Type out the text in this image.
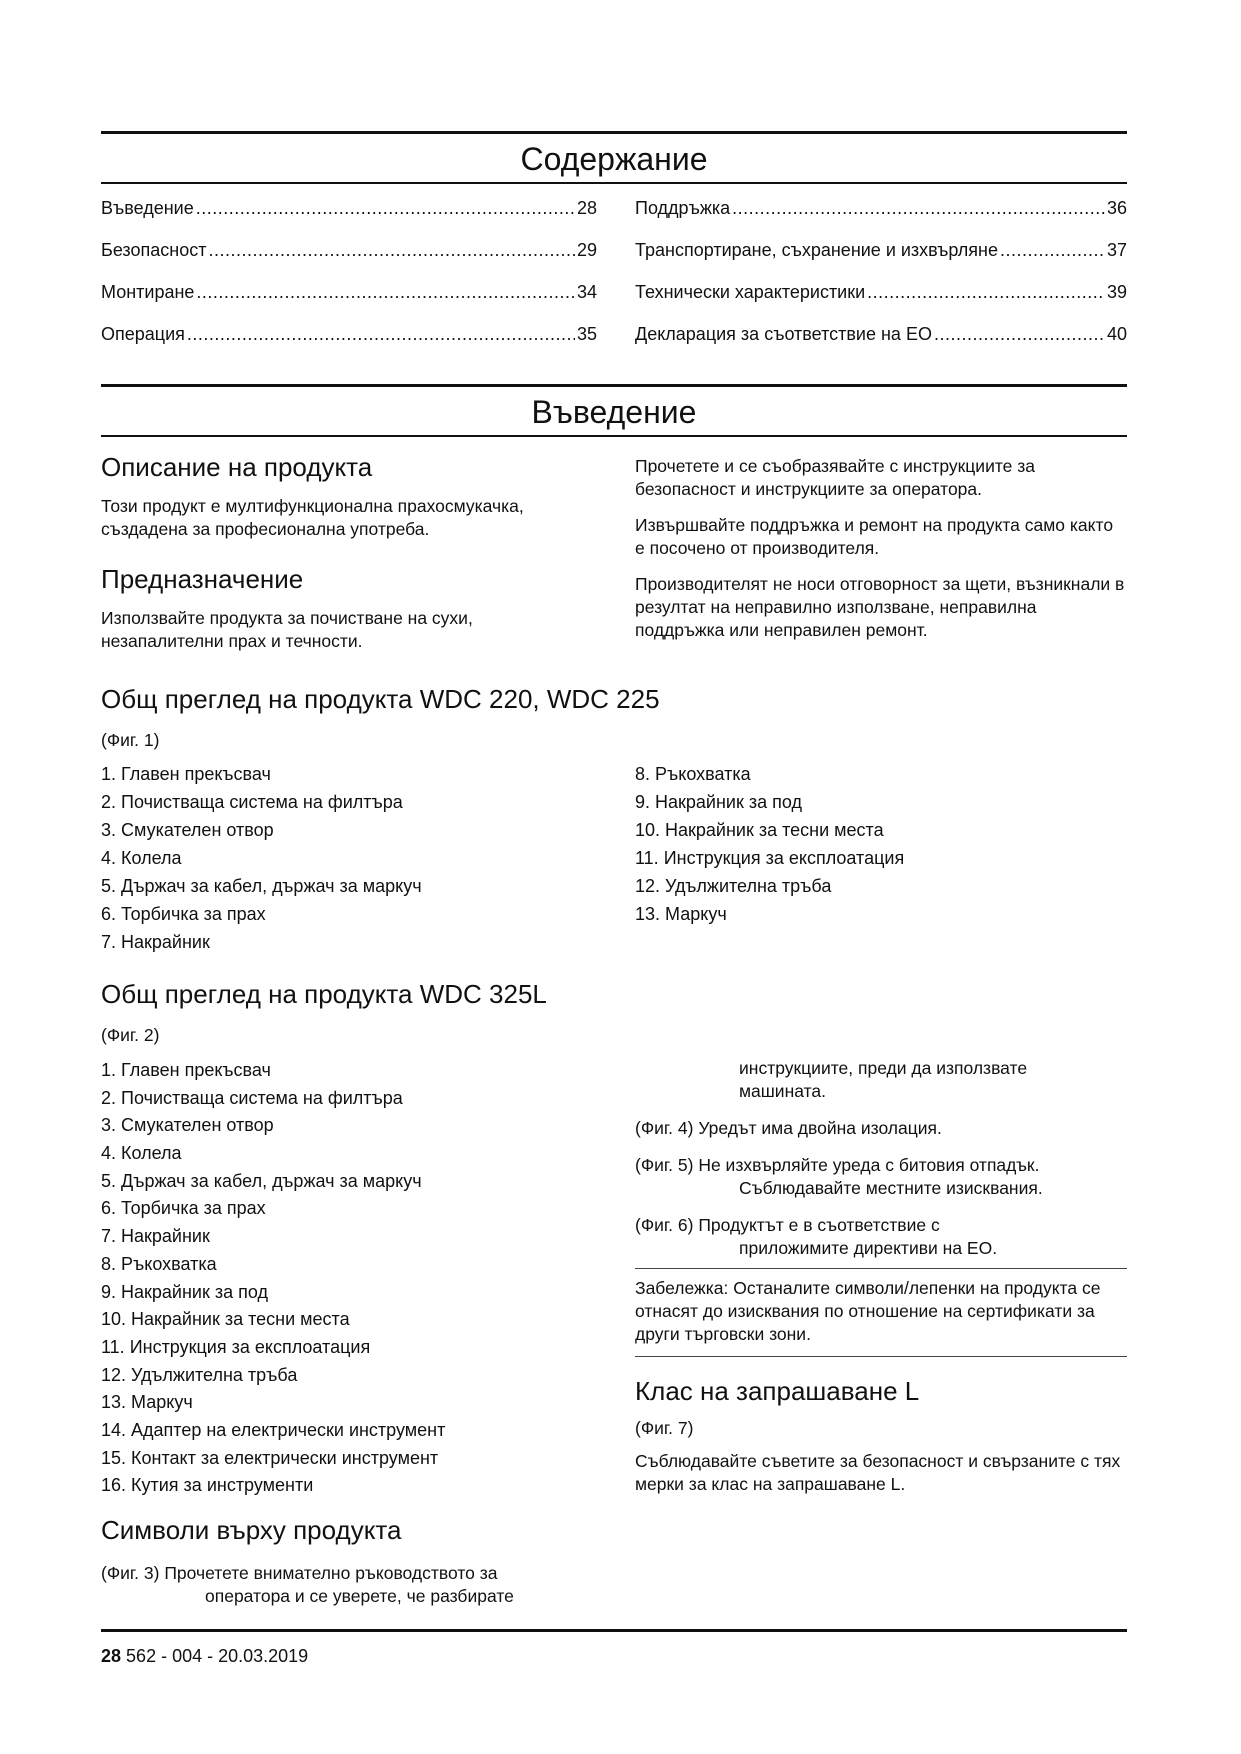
Содержание
Въведение .....	28
Безопасност .....	29
Монтиране .....	34
Операция .....	35
Поддръжка .....	36
Транспортиране, съхранение и изхвърляне .....	37
Технически характеристики .....	39
Декларация за съответствие на ЕО .....	40
Въведение
Описание на продукта

Този продукт е мултифункционална прахосмукачка, създадена за професионална употреба.

Предназначение

Използвайте продукта за почистване на сухи, незапалителни прах и течности.

Прочетете и се съобразявайте с инструкциите за безопасност и инструкциите за оператора.

Извършвайте поддръжка и ремонт на продукта само както е посочено от производителя.

Производителят не носи отговорност за щети, възникнали в резултат на неправилно използване, неправилна поддръжка или неправилен ремонт.

Общ преглед на продукта WDC 220, WDC 225

(Фиг. 1)

1. Главен прекъсвач
2. Почистваща система на филтъра
3. Смукателен отвор
4. Колела
5. Държач за кабел, държач за маркуч
6. Торбичка за прах
7. Накрайник
8. Ръкохватка
9. Накрайник за под
10. Накрайник за тесни места
11. Инструкция за експлоатация
12. Удължителна тръба
13. Маркуч
Общ преглед на продукта WDC 325L

(Фиг. 2)

1. Главен прекъсвач
2. Почистваща система на филтъра
3. Смукателен отвор
4. Колела
5. Държач за кабел, държач за маркуч
6. Торбичка за прах
7. Накрайник
8. Ръкохватка
9. Накрайник за под
10. Накрайник за тесни места
11. Инструкция за експлоатация
12. Удължителна тръба
13. Маркуч
14. Адаптер на електрически инструмент
15. Контакт за електрически инструмент
16. Кутия за инструменти
Символи върху продукта
(Фиг. 3) Прочетете внимателно ръководството за
оператора и се уверете, че разбирате
инструкциите, преди да използвате
машината.
(Фиг. 4) Уредът има двойна изолация.
(Фиг. 5) Не изхвърляйте уреда с битовия отпадък.
Съблюдавайте местните изисквания.
(Фиг. 6) Продуктът е в съответствие с
приложимите директиви на ЕО.

Забележка: Останалите символи/лепенки на продукта се отнасят до изисквания по отношение на сертификати за други търговски зони.

Клас на запрашаване L

(Фиг. 7)

Съблюдавайте съветите за безопасност и свързаните с тях мерки за клас на запрашаване L.

28 562 - 004 - 20.03.2019
